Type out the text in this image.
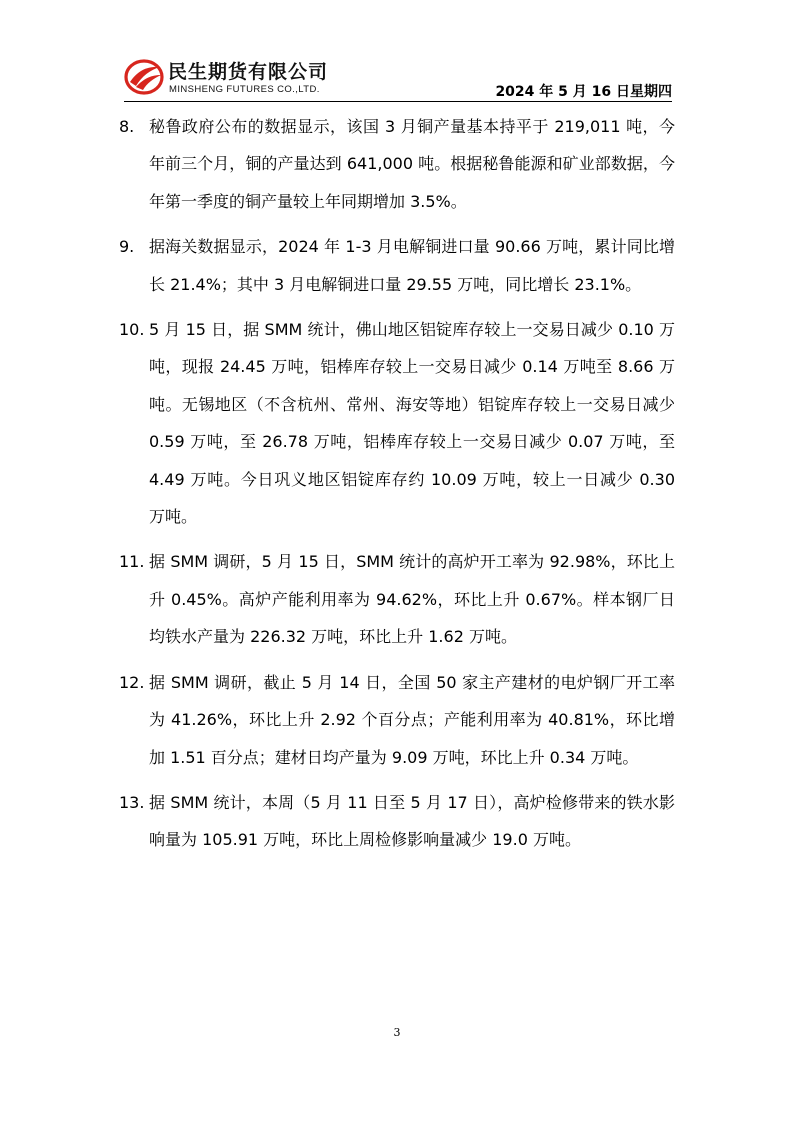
民生期货有限公司
MINSHENG FUTURES CO.,LTD.	2024 年 5 月 16 日星期四
8. 秘鲁政府公布的数据显示，该国 3 月铜产量基本持平于 219,011 吨，今年前三个月，铜的产量达到 641,000 吨。根据秘鲁能源和矿业部数据，今年第一季度的铜产量较上年同期增加 3.5%。
9. 据海关数据显示，2024 年 1-3 月电解铜进口量 90.66 万吨，累计同比增长 21.4%；其中 3 月电解铜进口量 29.55 万吨，同比增长 23.1%。
10. 5 月 15 日，据 SMM 统计，佛山地区铝锭库存较上一交易日减少 0.10 万吨，现报 24.45 万吨，铝棒库存较上一交易日减少 0.14 万吨至 8.66 万吨。无锡地区（不含杭州、常州、海安等地）铝锭库存较上一交易日减少 0.59 万吨，至 26.78 万吨，铝棒库存较上一交易日减少 0.07 万吨，至 4.49 万吨。今日巩义地区铝锭库存约 10.09 万吨，较上一日减少 0.30 万吨。
11. 据 SMM 调研，5 月 15 日，SMM 统计的高炉开工率为 92.98%，环比上升 0.45%。高炉产能利用率为 94.62%，环比上升 0.67%。样本钢厂日均铁水产量为 226.32 万吨，环比上升 1.62 万吨。
12. 据 SMM 调研，截止 5 月 14 日，全国 50 家主产建材的电炉钢厂开工率为 41.26%，环比上升 2.92 个百分点；产能利用率为 40.81%，环比增加 1.51 百分点；建材日均产量为 9.09 万吨，环比上升 0.34 万吨。
13. 据 SMM 统计，本周（5 月 11 日至 5 月 17 日），高炉检修带来的铁水影响量为 105.91 万吨，环比上周检修影响量减少 19.0 万吨。
3
